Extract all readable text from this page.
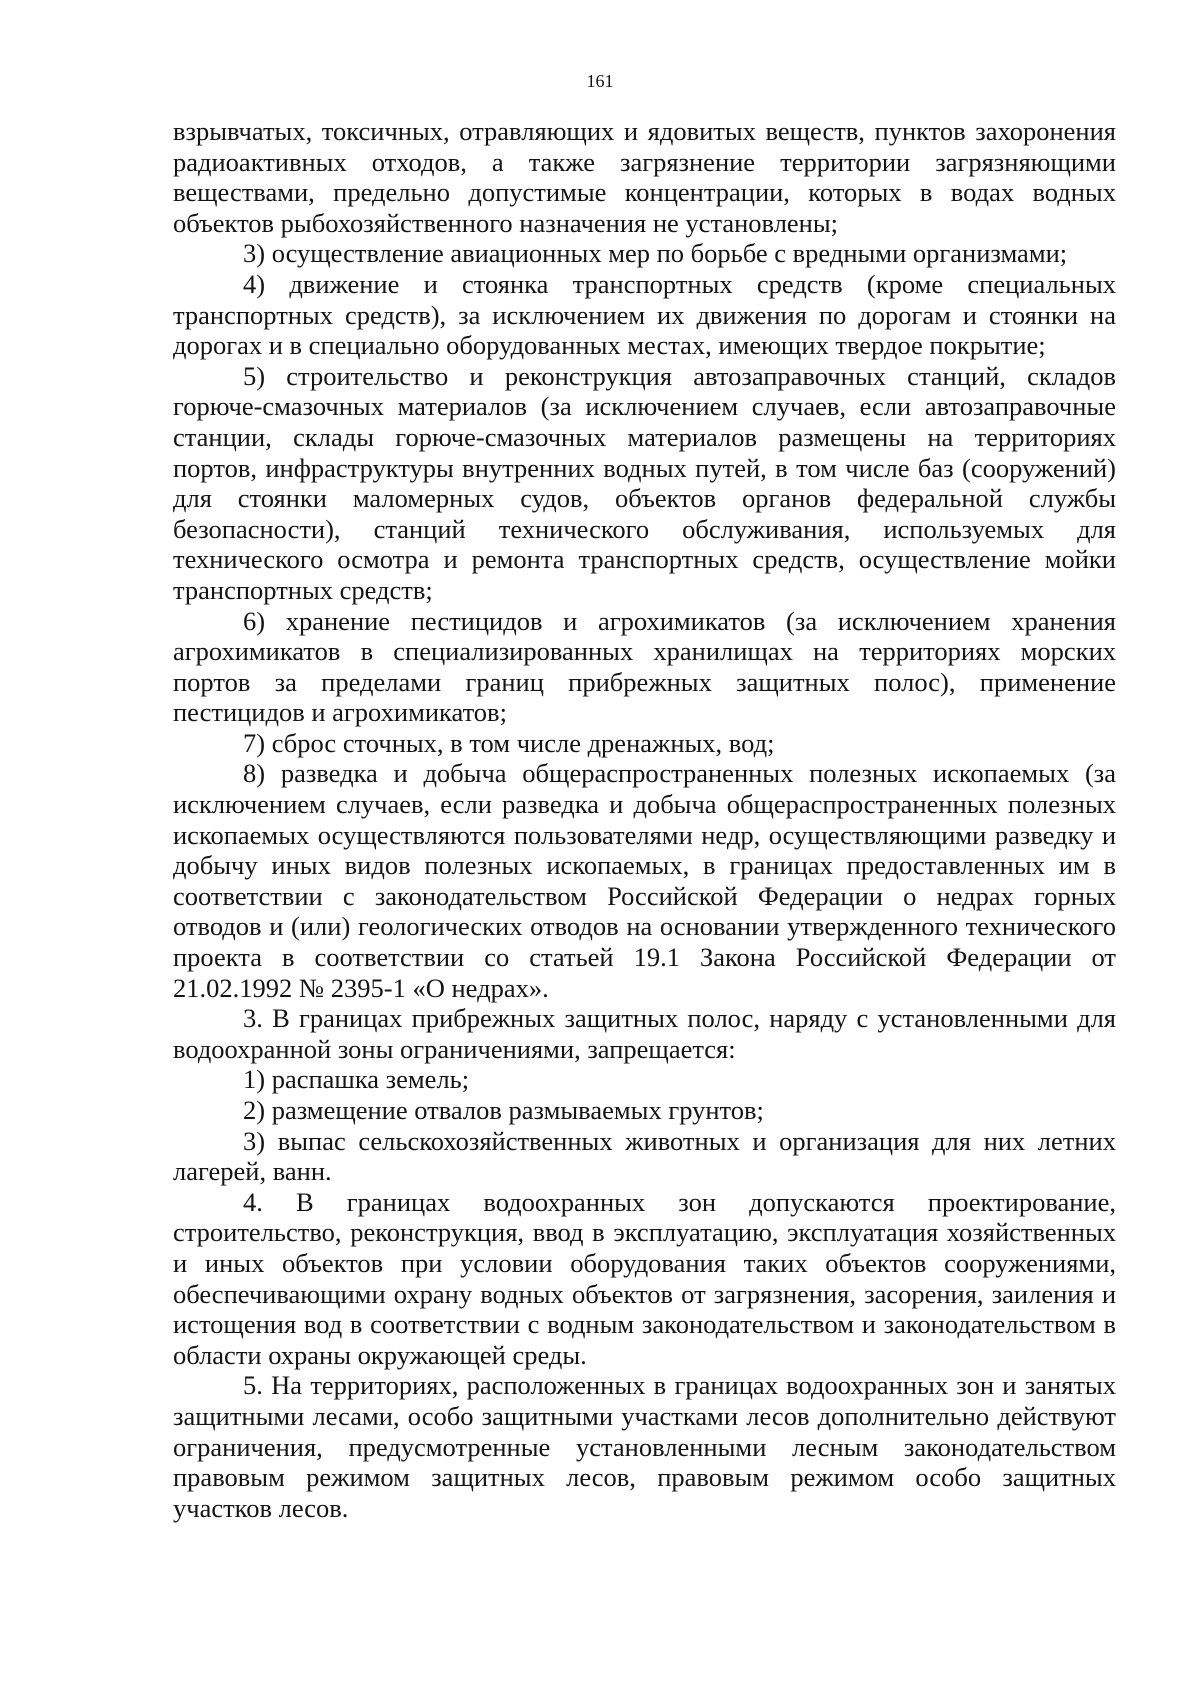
161

взрывчатых, токсичных, отравляющих и ядовитых веществ, пунктов захоронения радиоактивных отходов, а также загрязнение территории загрязняющими веществами, предельно допустимые концентрации, которых в водах водных объектов рыбохозяйственного назначения не установлены;

3) осуществление авиационных мер по борьбе с вредными организмами;

4) движение и стоянка транспортных средств (кроме специальных транспортных средств), за исключением их движения по дорогам и стоянки на дорогах и в специально оборудованных местах, имеющих твердое покрытие;

5) строительство и реконструкция автозаправочных станций, складов горюче-смазочных материалов (за исключением случаев, если автозаправочные станции, склады горюче-смазочных материалов размещены на территориях портов, инфраструктуры внутренних водных путей, в том числе баз (сооружений) для стоянки маломерных судов, объектов органов федеральной службы безопасности), станций технического обслуживания, используемых для технического осмотра и ремонта транспортных средств, осуществление мойки транспортных средств;

6) хранение пестицидов и агрохимикатов (за исключением хранения агрохимикатов в специализированных хранилищах на территориях морских портов за пределами границ прибрежных защитных полос), применение пестицидов и агрохимикатов;

7) сброс сточных, в том числе дренажных, вод;

8) разведка и добыча общераспространенных полезных ископаемых (за исключением случаев, если разведка и добыча общераспространенных полезных ископаемых осуществляются пользователями недр, осуществляющими разведку и добычу иных видов полезных ископаемых, в границах предоставленных им в соответствии с законодательством Российской Федерации о недрах горных отводов и (или) геологических отводов на основании утвержденного технического проекта в соответствии со статьей 19.1 Закона Российской Федерации от 21.02.1992 № 2395-1 «О недрах».

3. В границах прибрежных защитных полос, наряду с установленными для водоохранной зоны ограничениями, запрещается:

1) распашка земель;

2) размещение отвалов размываемых грунтов;

3) выпас сельскохозяйственных животных и организация для них летних лагерей, ванн.

4. В границах водоохранных зон допускаются проектирование, строительство, реконструкция, ввод в эксплуатацию, эксплуатация хозяйственных и иных объектов при условии оборудования таких объектов сооружениями, обеспечивающими охрану водных объектов от загрязнения, засорения, заиления и истощения вод в соответствии с водным законодательством и законодательством в области охраны окружающей среды.

5. На территориях, расположенных в границах водоохранных зон и занятых защитными лесами, особо защитными участками лесов дополнительно действуют ограничения, предусмотренные установленными лесным законодательством правовым режимом защитных лесов, правовым режимом особо защитных участков лесов.
